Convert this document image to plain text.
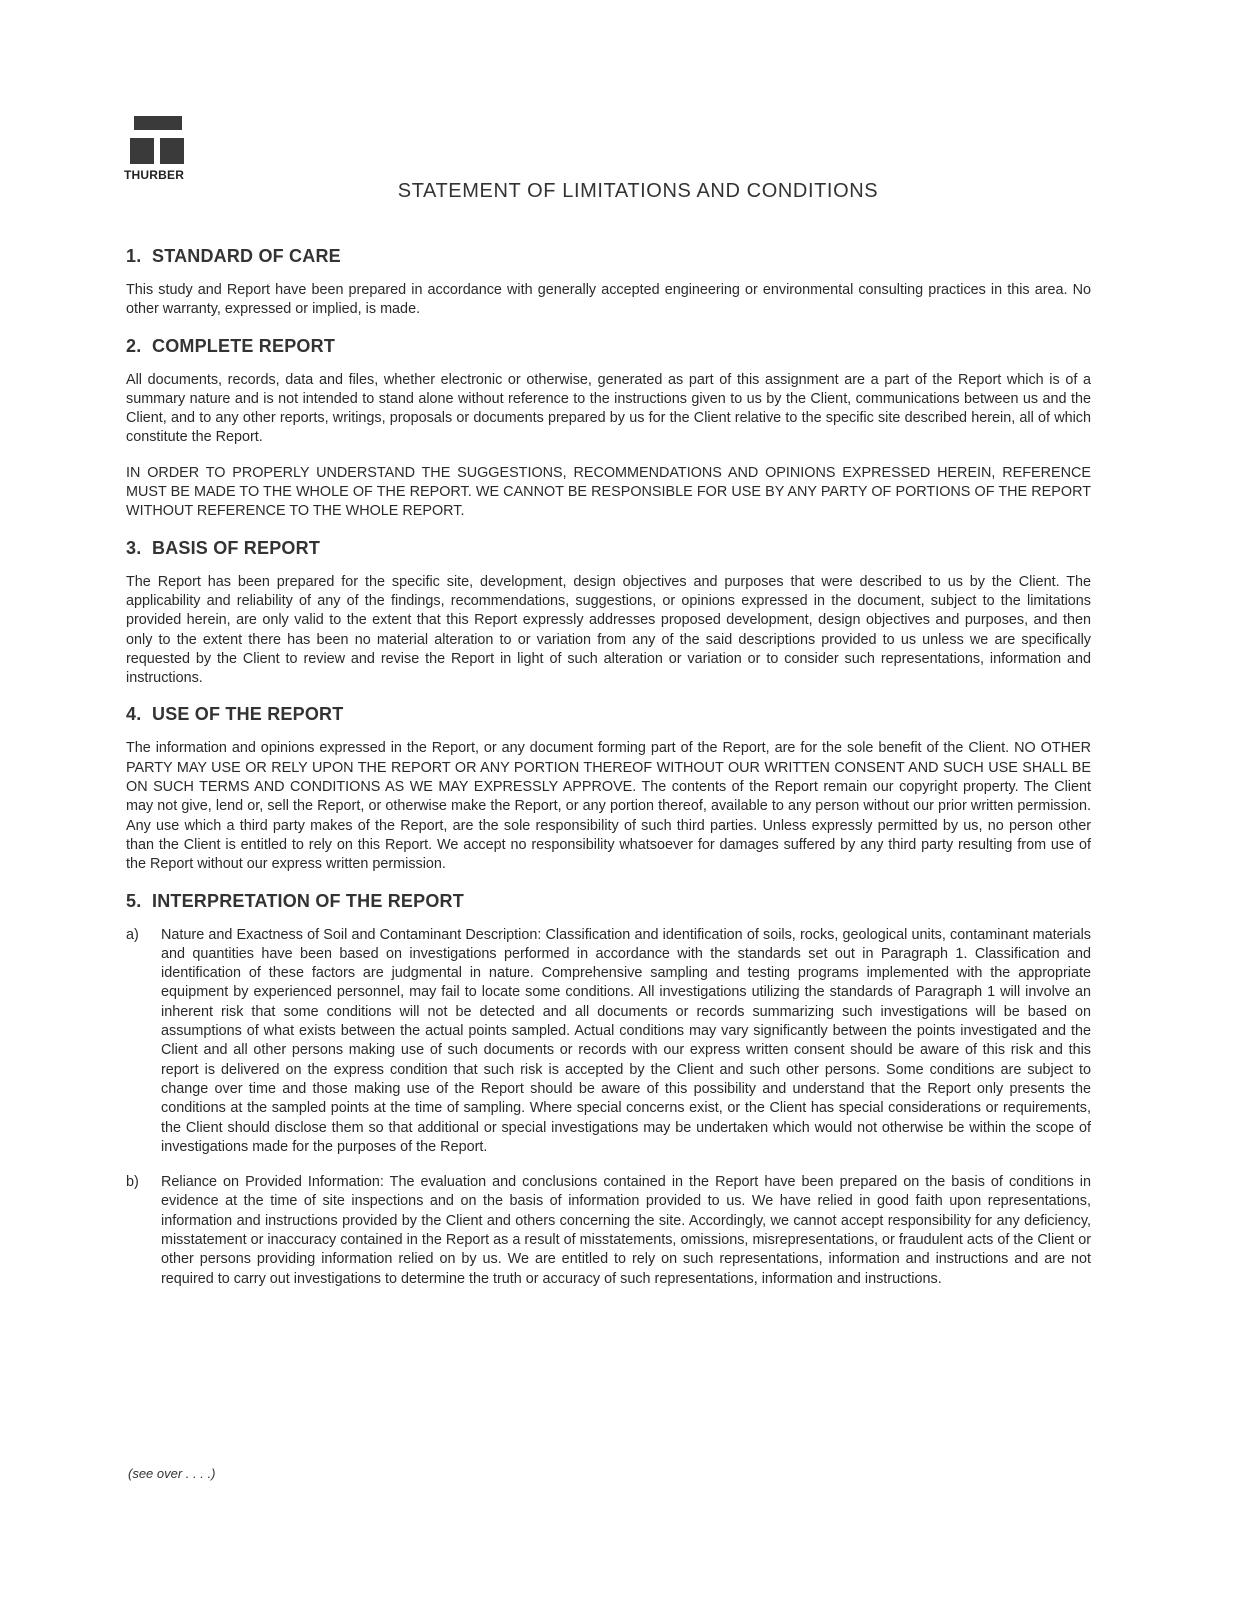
THURBER
STATEMENT OF LIMITATIONS AND CONDITIONS
1. STANDARD OF CARE
This study and Report have been prepared in accordance with generally accepted engineering or environmental consulting practices in this area. No other warranty, expressed or implied, is made.
2. COMPLETE REPORT
All documents, records, data and files, whether electronic or otherwise, generated as part of this assignment are a part of the Report which is of a summary nature and is not intended to stand alone without reference to the instructions given to us by the Client, communications between us and the Client, and to any other reports, writings, proposals or documents prepared by us for the Client relative to the specific site described herein, all of which constitute the Report.
IN ORDER TO PROPERLY UNDERSTAND THE SUGGESTIONS, RECOMMENDATIONS AND OPINIONS EXPRESSED HEREIN, REFERENCE MUST BE MADE TO THE WHOLE OF THE REPORT. WE CANNOT BE RESPONSIBLE FOR USE BY ANY PARTY OF PORTIONS OF THE REPORT WITHOUT REFERENCE TO THE WHOLE REPORT.
3. BASIS OF REPORT
The Report has been prepared for the specific site, development, design objectives and purposes that were described to us by the Client. The applicability and reliability of any of the findings, recommendations, suggestions, or opinions expressed in the document, subject to the limitations provided herein, are only valid to the extent that this Report expressly addresses proposed development, design objectives and purposes, and then only to the extent there has been no material alteration to or variation from any of the said descriptions provided to us unless we are specifically requested by the Client to review and revise the Report in light of such alteration or variation or to consider such representations, information and instructions.
4. USE OF THE REPORT
The information and opinions expressed in the Report, or any document forming part of the Report, are for the sole benefit of the Client. NO OTHER PARTY MAY USE OR RELY UPON THE REPORT OR ANY PORTION THEREOF WITHOUT OUR WRITTEN CONSENT AND SUCH USE SHALL BE ON SUCH TERMS AND CONDITIONS AS WE MAY EXPRESSLY APPROVE. The contents of the Report remain our copyright property. The Client may not give, lend or, sell the Report, or otherwise make the Report, or any portion thereof, available to any person without our prior written permission. Any use which a third party makes of the Report, are the sole responsibility of such third parties. Unless expressly permitted by us, no person other than the Client is entitled to rely on this Report. We accept no responsibility whatsoever for damages suffered by any third party resulting from use of the Report without our express written permission.
5. INTERPRETATION OF THE REPORT
a) Nature and Exactness of Soil and Contaminant Description: Classification and identification of soils, rocks, geological units, contaminant materials and quantities have been based on investigations performed in accordance with the standards set out in Paragraph 1. Classification and identification of these factors are judgmental in nature. Comprehensive sampling and testing programs implemented with the appropriate equipment by experienced personnel, may fail to locate some conditions. All investigations utilizing the standards of Paragraph 1 will involve an inherent risk that some conditions will not be detected and all documents or records summarizing such investigations will be based on assumptions of what exists between the actual points sampled. Actual conditions may vary significantly between the points investigated and the Client and all other persons making use of such documents or records with our express written consent should be aware of this risk and this report is delivered on the express condition that such risk is accepted by the Client and such other persons. Some conditions are subject to change over time and those making use of the Report should be aware of this possibility and understand that the Report only presents the conditions at the sampled points at the time of sampling. Where special concerns exist, or the Client has special considerations or requirements, the Client should disclose them so that additional or special investigations may be undertaken which would not otherwise be within the scope of investigations made for the purposes of the Report.
b) Reliance on Provided Information: The evaluation and conclusions contained in the Report have been prepared on the basis of conditions in evidence at the time of site inspections and on the basis of information provided to us. We have relied in good faith upon representations, information and instructions provided by the Client and others concerning the site. Accordingly, we cannot accept responsibility for any deficiency, misstatement or inaccuracy contained in the Report as a result of misstatements, omissions, misrepresentations, or fraudulent acts of the Client or other persons providing information relied on by us. We are entitled to rely on such representations, information and instructions and are not required to carry out investigations to determine the truth or accuracy of such representations, information and instructions.
(see over . . . .)
